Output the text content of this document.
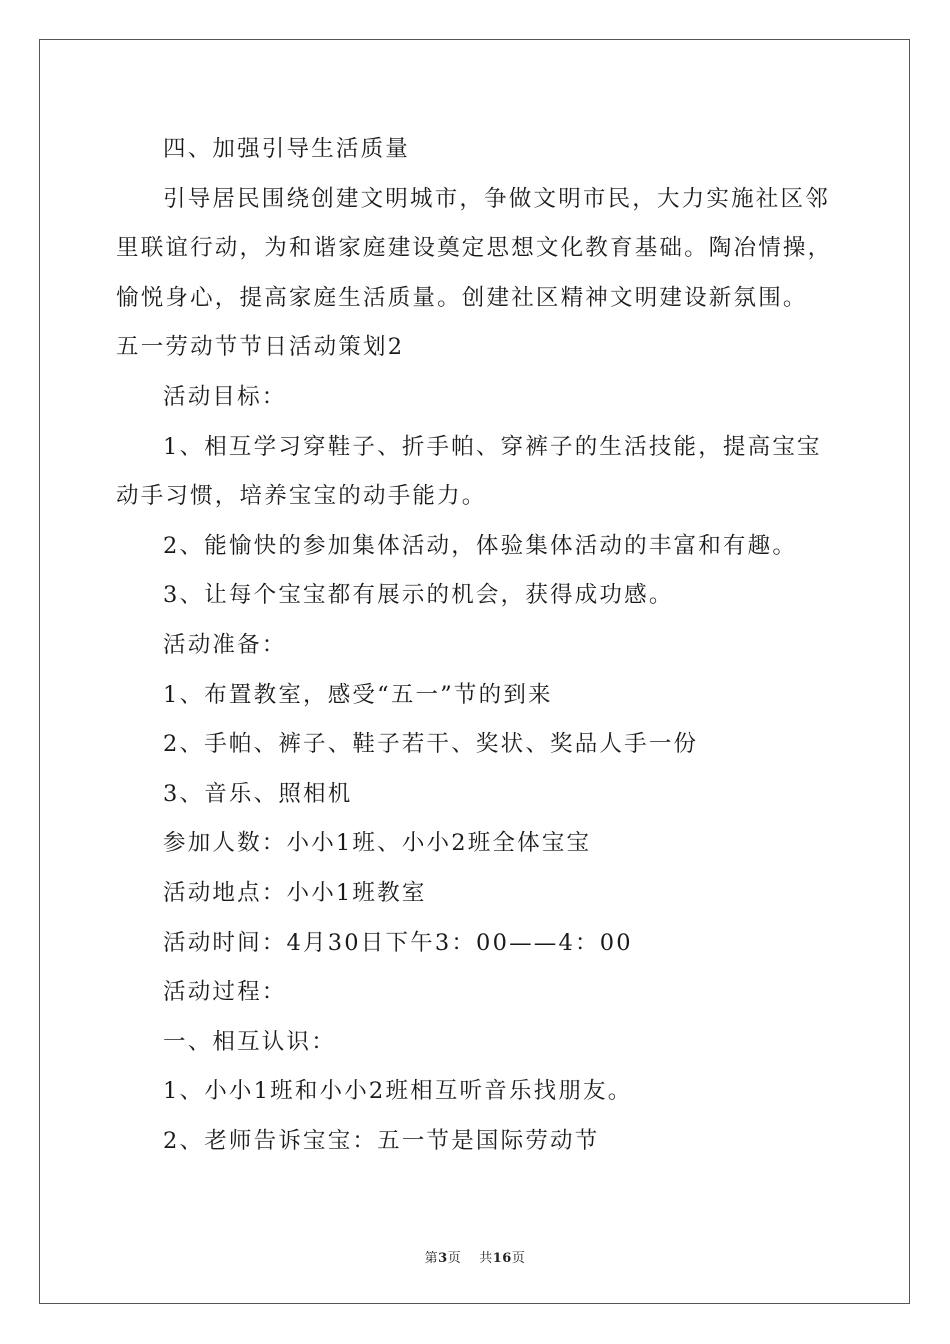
四、加强引导生活质量

引导居民围绕创建文明城市，争做文明市民，大力实施社区邻里联谊行动，为和谐家庭建设奠定思想文化教育基础。陶冶情操，愉悦身心，提高家庭生活质量。创建社区精神文明建设新氛围。

五一劳动节节日活动策划2

活动目标：

1、相互学习穿鞋子、折手帕、穿裤子的生活技能，提高宝宝动手习惯，培养宝宝的动手能力。

2、能愉快的参加集体活动，体验集体活动的丰富和有趣。

3、让每个宝宝都有展示的机会，获得成功感。

活动准备：

1、布置教室，感受“五一”节的到来

2、手帕、裤子、鞋子若干、奖状、奖品人手一份

3、音乐、照相机

参加人数：小小1班、小小2班全体宝宝

活动地点：小小1班教室

活动时间：4月30日下午3：00——4：00

活动过程：

一、相互认识：

1、小小1班和小小2班相互听音乐找朋友。

2、老师告诉宝宝：五一节是国际劳动节

第3页 共16页
